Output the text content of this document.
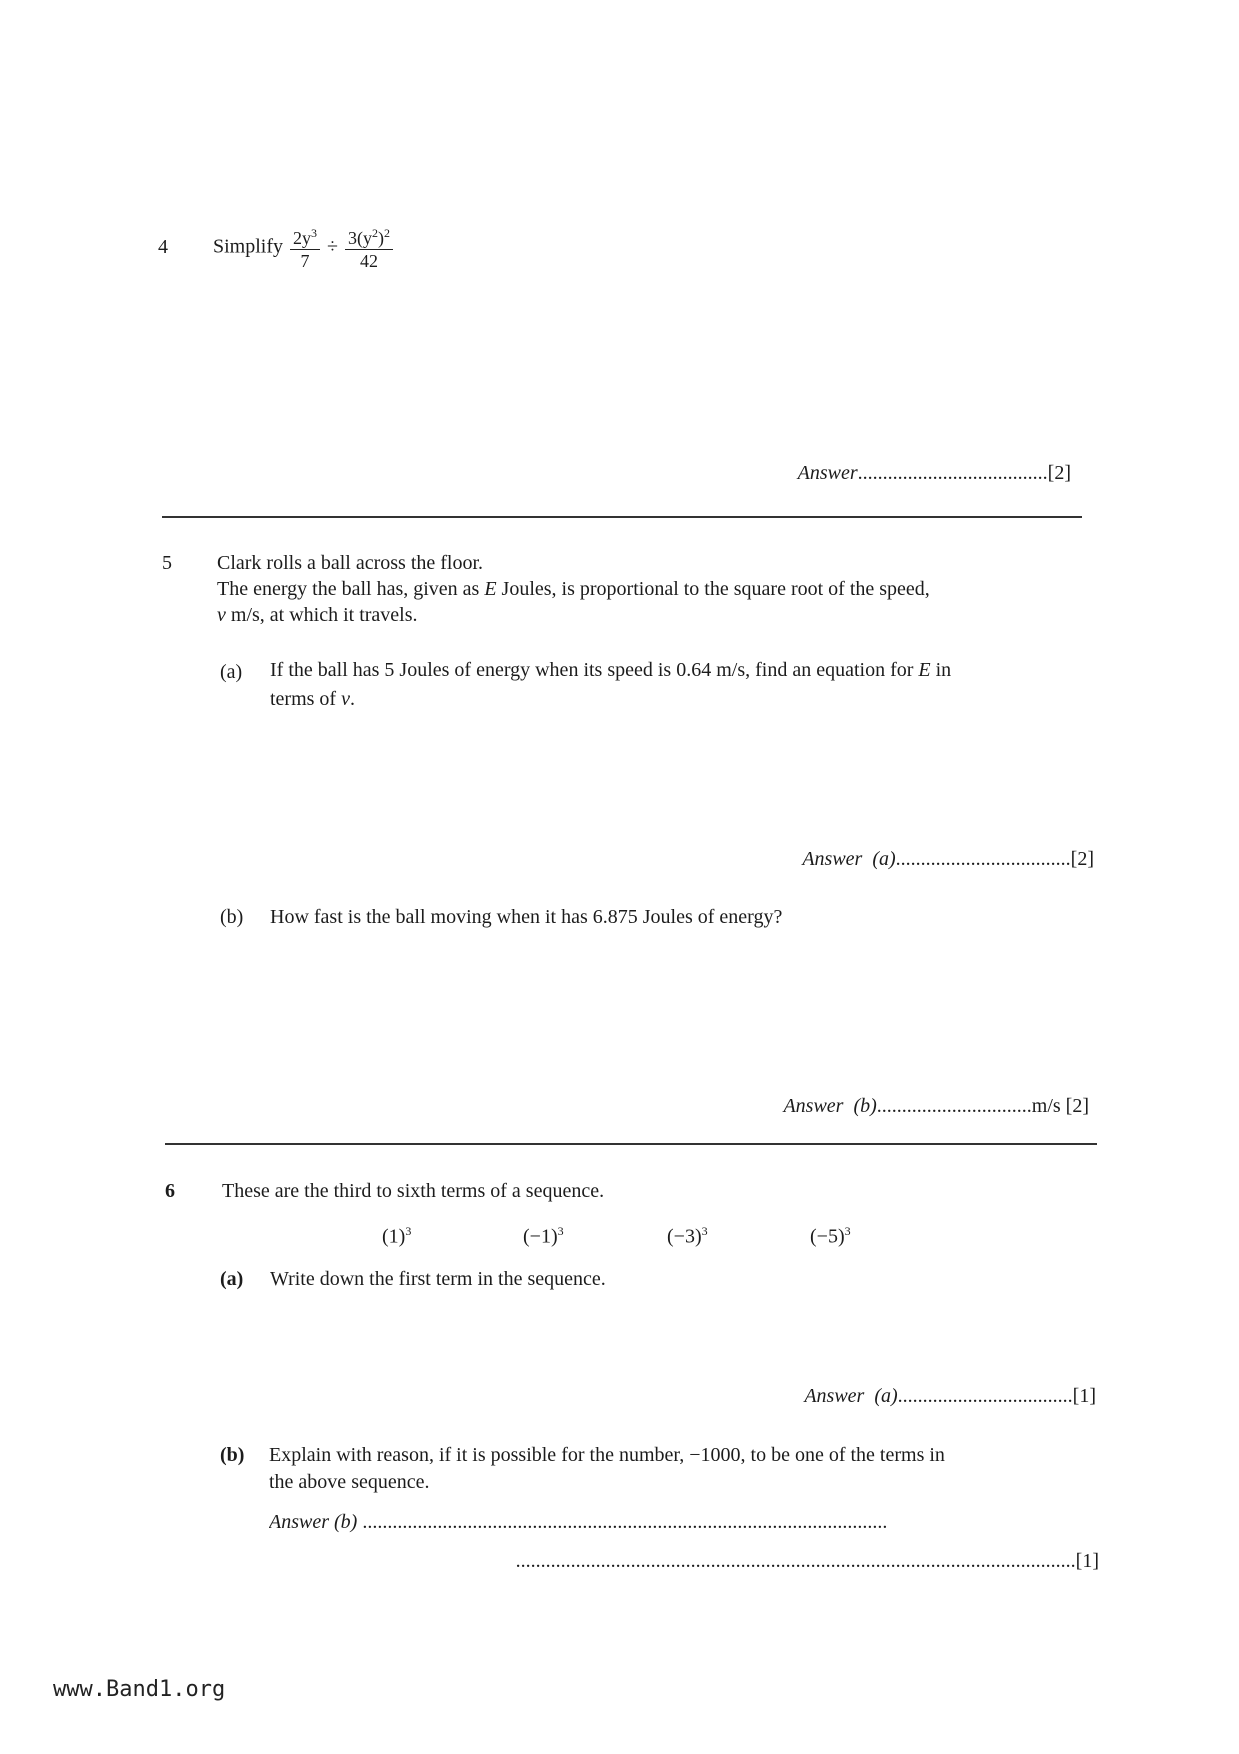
4 Simplify $\frac{2y^3}{7} \div \frac{3(y^2)^2}{42}$
Answer......................................[2]
5 Clark rolls a ball across the floor.
The energy the ball has, given as E Joules, is proportional to the square root of the speed,
v m/s, at which it travels.
(a) If the ball has 5 Joules of energy when its speed is 0.64 m/s, find an equation for E in
terms of v.
Answer (a)...................................[2]
(b) How fast is the ball moving when it has 6.875 Joules of energy?
Answer (b)...............................m/s [2]
6 These are the third to sixth terms of a sequence.
$(1)^3$	$(-1)^3$	$(-3)^3$	$(-5)^3$
(a) Write down the first term in the sequence.
Answer (a)...................................[1]
(b) Explain with reason, if it is possible for the number, −1000, to be one of the terms in
the above sequence.
Answer (b) .........................................................................................................
................................................................................................................[1]
www.Band1.org
